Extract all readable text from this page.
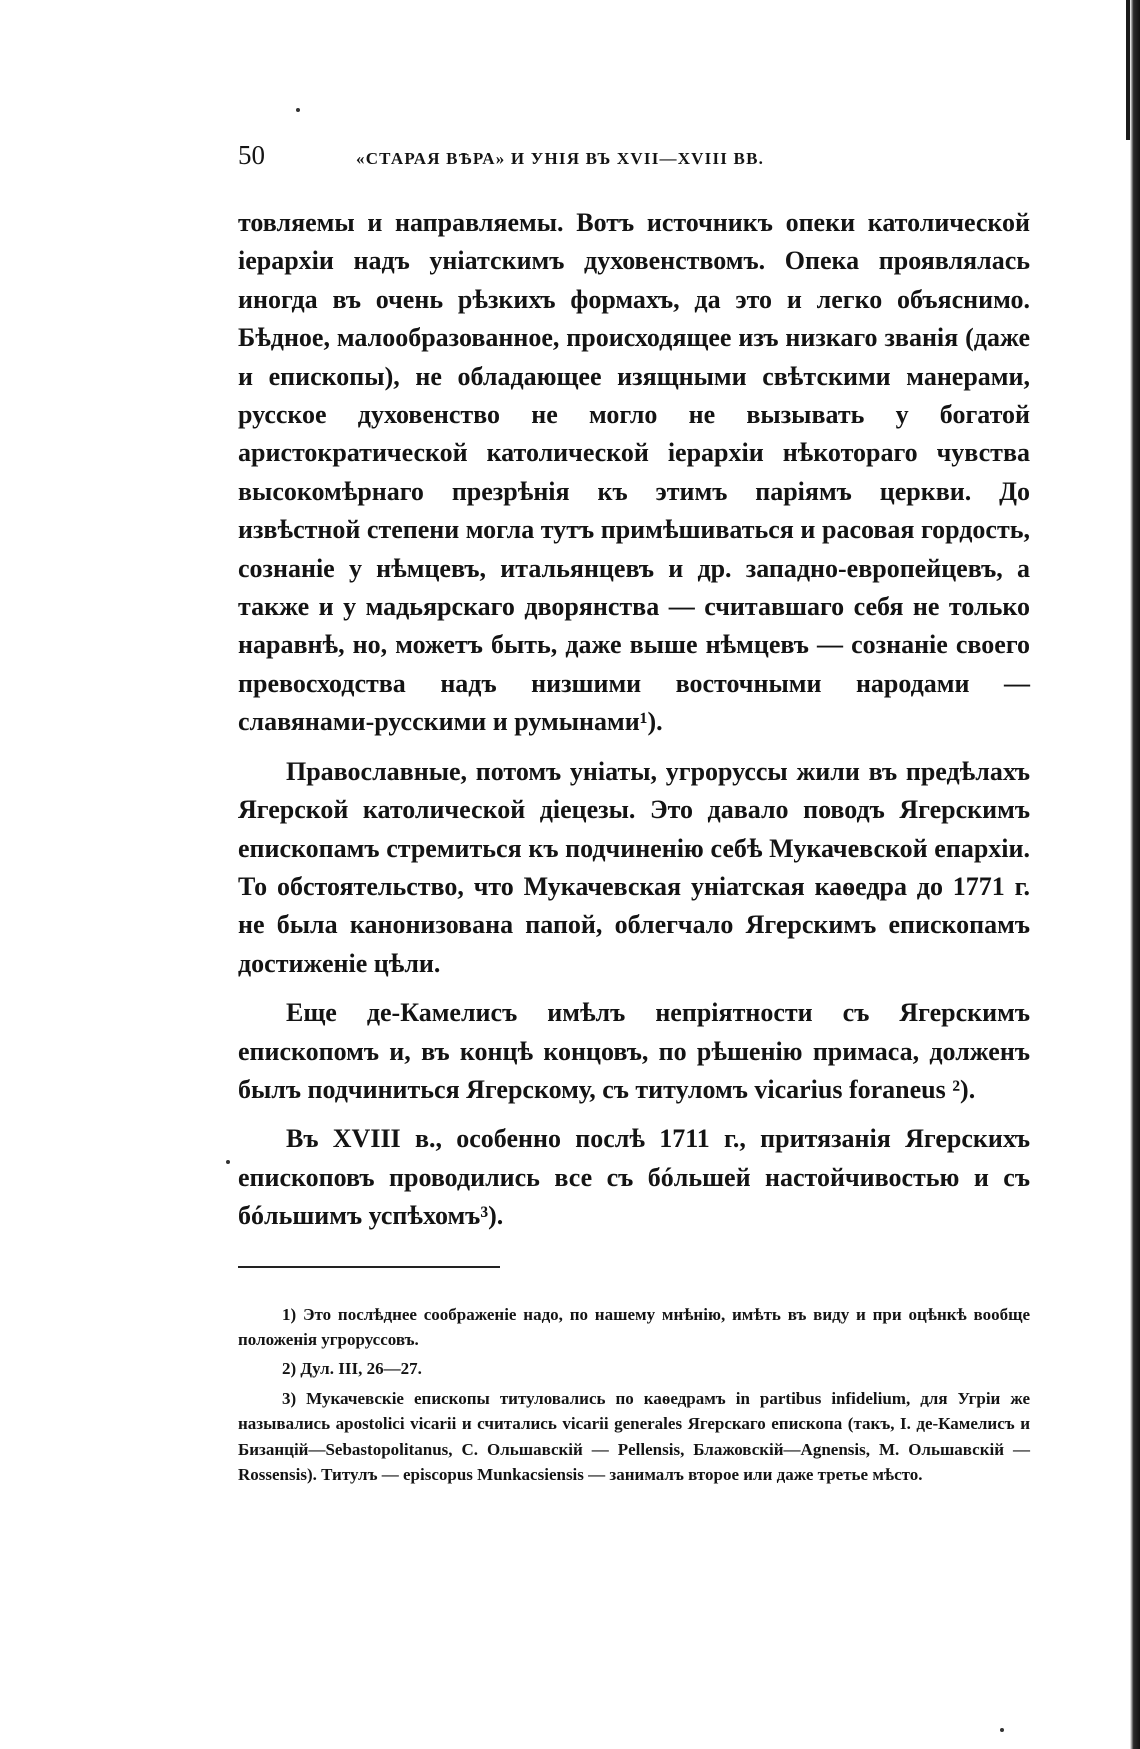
50	«СТАРАЯ ВѢРА» И УНІЯ ВЪ XVII—XVIII ВВ.

товляемы и направляемы. Вотъ источникъ опеки католической іерархіи надъ уніатскимъ духовенствомъ. Опека проявлялась иногда въ очень рѣзкихъ формахъ, да это и легко объяснимо. Бѣдное, малообразованное, происходящее изъ низкаго званія (даже и епископы), не обладающее изящными свѣтскими манерами, русское духовенство не могло не вызывать у богатой аристократической католической іерархіи нѣкотораго чувства высокомѣрнаго презрѣнія къ этимъ паріямъ церкви. До извѣстной степени могла тутъ примѣшиваться и расовая гордость, сознаніе у нѣмцевъ, итальянцевъ и др. западно-европейцевъ, а также и у мадьярскаго дворянства — считавшаго себя не только наравнѣ, но, можетъ быть, даже выше нѣмцевъ — сознаніе своего превосходства надъ низшими восточными народами — славянами-русскими и румынами¹).

Православные, потомъ уніаты, угроруссы жили въ предѣлахъ Ягерской католической діецезы. Это давало поводъ Ягерскимъ епископамъ стремиться къ подчиненію себѣ Мукачевской епархіи. То обстоятельство, что Мукачевская уніатская каѳедра до 1771 г. не была канонизована папой, облегчало Ягерскимъ епископамъ достиженіе цѣли.

Еще де-Камелисъ имѣлъ непріятности съ Ягерскимъ епископомъ и, въ концѣ концовъ, по рѣшенію примаса, долженъ былъ подчиниться Ягерскому, съ титуломъ vicarius foraneus ²).

Въ XVIII в., особенно послѣ 1711 г., притязанія Ягерскихъ епископовъ проводились все съ бóльшей настойчивостью и съ бóльшимъ успѣхомъ³).

1) Это послѣднее соображеніе надо, по нашему мнѣнію, имѣть въ виду и при оцѣнкѣ вообще положенія угроруссовъ.

2) Дул. III, 26—27.

3) Мукачевскіе епископы титуловались по каѳедрамъ in partibus infidelium, для Угріи же назывались apostolici vicarii и считались vicarii generales Ягерскаго епископа (такъ, I. де-Камелисъ и Бизанцій—Sebastopolitanus, С. Ольшавскій — Pellensis, Блажовскій—Agnensis, М. Ольшавскій — Rossensis). Титулъ — episcopus Munkacsiensis — занималъ второе или даже третье мѣсто.
